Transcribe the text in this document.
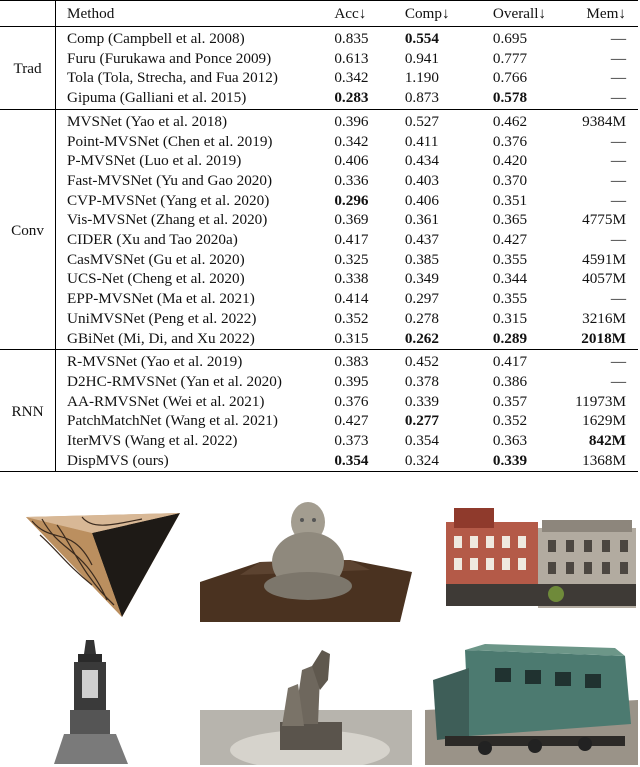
	Method	Acc↓	Comp↓	Overall↓	Mem↓
Trad	Comp (Campbell et al. 2008)	0.835	0.554	0.695	—
	Furu (Furukawa and Ponce 2009)	0.613	0.941	0.777	—
	Tola (Tola, Strecha, and Fua 2012)	0.342	1.190	0.766	—
	Gipuma (Galliani et al. 2015)	0.283	0.873	0.578	—
Conv	MVSNet (Yao et al. 2018)	0.396	0.527	0.462	9384M
	Point-MVSNet (Chen et al. 2019)	0.342	0.411	0.376	—
	P-MVSNet (Luo et al. 2019)	0.406	0.434	0.420	—
	Fast-MVSNet (Yu and Gao 2020)	0.336	0.403	0.370	—
	CVP-MVSNet (Yang et al. 2020)	0.296	0.406	0.351	—
	Vis-MVSNet (Zhang et al. 2020)	0.369	0.361	0.365	4775M
	CIDER (Xu and Tao 2020a)	0.417	0.437	0.427	—
	CasMVSNet (Gu et al. 2020)	0.325	0.385	0.355	4591M
	UCS-Net (Cheng et al. 2020)	0.338	0.349	0.344	4057M
	EPP-MVSNet (Ma et al. 2021)	0.414	0.297	0.355	—
	UniMVSNet (Peng et al. 2022)	0.352	0.278	0.315	3216M
	GBiNet (Mi, Di, and Xu 2022)	0.315	0.262	0.289	2018M
RNN	R-MVSNet (Yao et al. 2019)	0.383	0.452	0.417	—
	D2HC-RMVSNet (Yan et al. 2020)	0.395	0.378	0.386	—
	AA-RMVSNet (Wei et al. 2021)	0.376	0.339	0.357	11973M
	PatchMatchNet (Wang et al. 2021)	0.427	0.277	0.352	1629M
	IterMVS (Wang et al. 2022)	0.373	0.354	0.363	842M
	DispMVS (ours)	0.354	0.324	0.339	1368M
